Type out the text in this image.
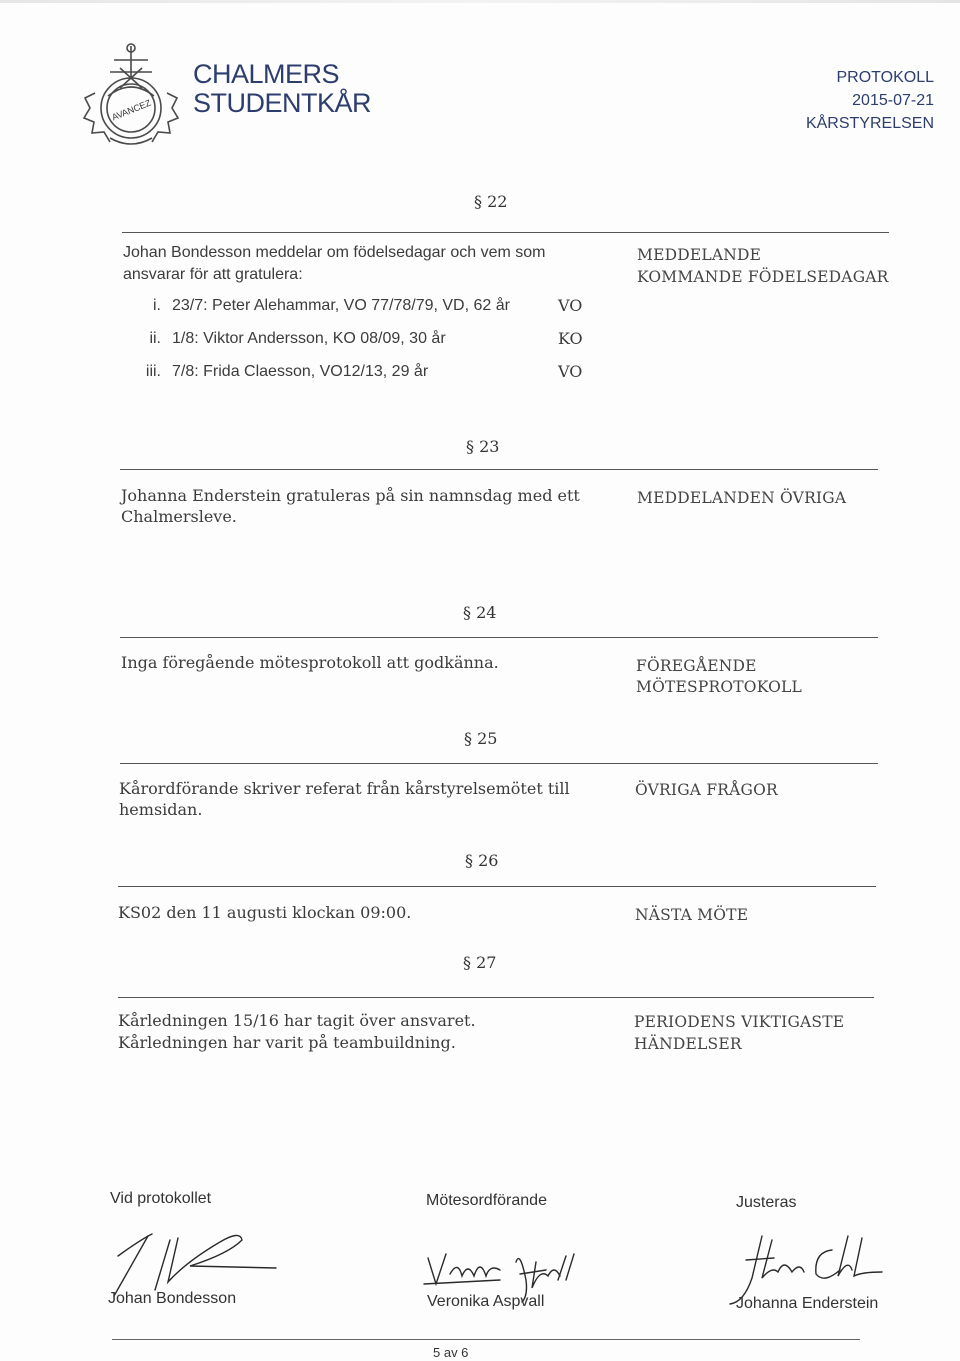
AVANCEZ
CHALMERS
STUDENTKÅR
PROTOKOLL
2015-07-21
KÅRSTYRELSEN
§ 22
Johan Bondesson meddelar om födelsedagar och vem som
ansvarar för att gratulera:
i. 23/7: Peter Alehammar, VO 77/78/79, VD, 62 år	VO
ii. 1/8: Viktor Andersson, KO 08/09, 30 år	KO
iii. 7/8: Frida Claesson, VO12/13, 29 år	VO
MEDDELANDE
KOMMANDE FÖDELSEDAGAR
§ 23
Johanna Enderstein gratuleras på sin namnsdag med ett
Chalmersleve.
MEDDELANDEN ÖVRIGA
§ 24
Inga föregående mötesprotokoll att godkänna.	FÖREGÅENDE
MÖTESPROTOKOLL
§ 25
Kårordförande skriver referat från kårstyrelsemötet till
hemsidan.
ÖVRIGA FRÅGOR
§ 26
KS02 den 11 augusti klockan 09:00.	NÄSTA MÖTE
§ 27
Kårledningen 15/16 har tagit över ansvaret.
Kårledningen har varit på teambuildning.
PERIODENS VIKTIGASTE
HÄNDELSER
Vid protokollet	Mötesordförande	Justeras
Johan Bondesson	Veronika Aspvall	Johanna Enderstein
5 av 6
